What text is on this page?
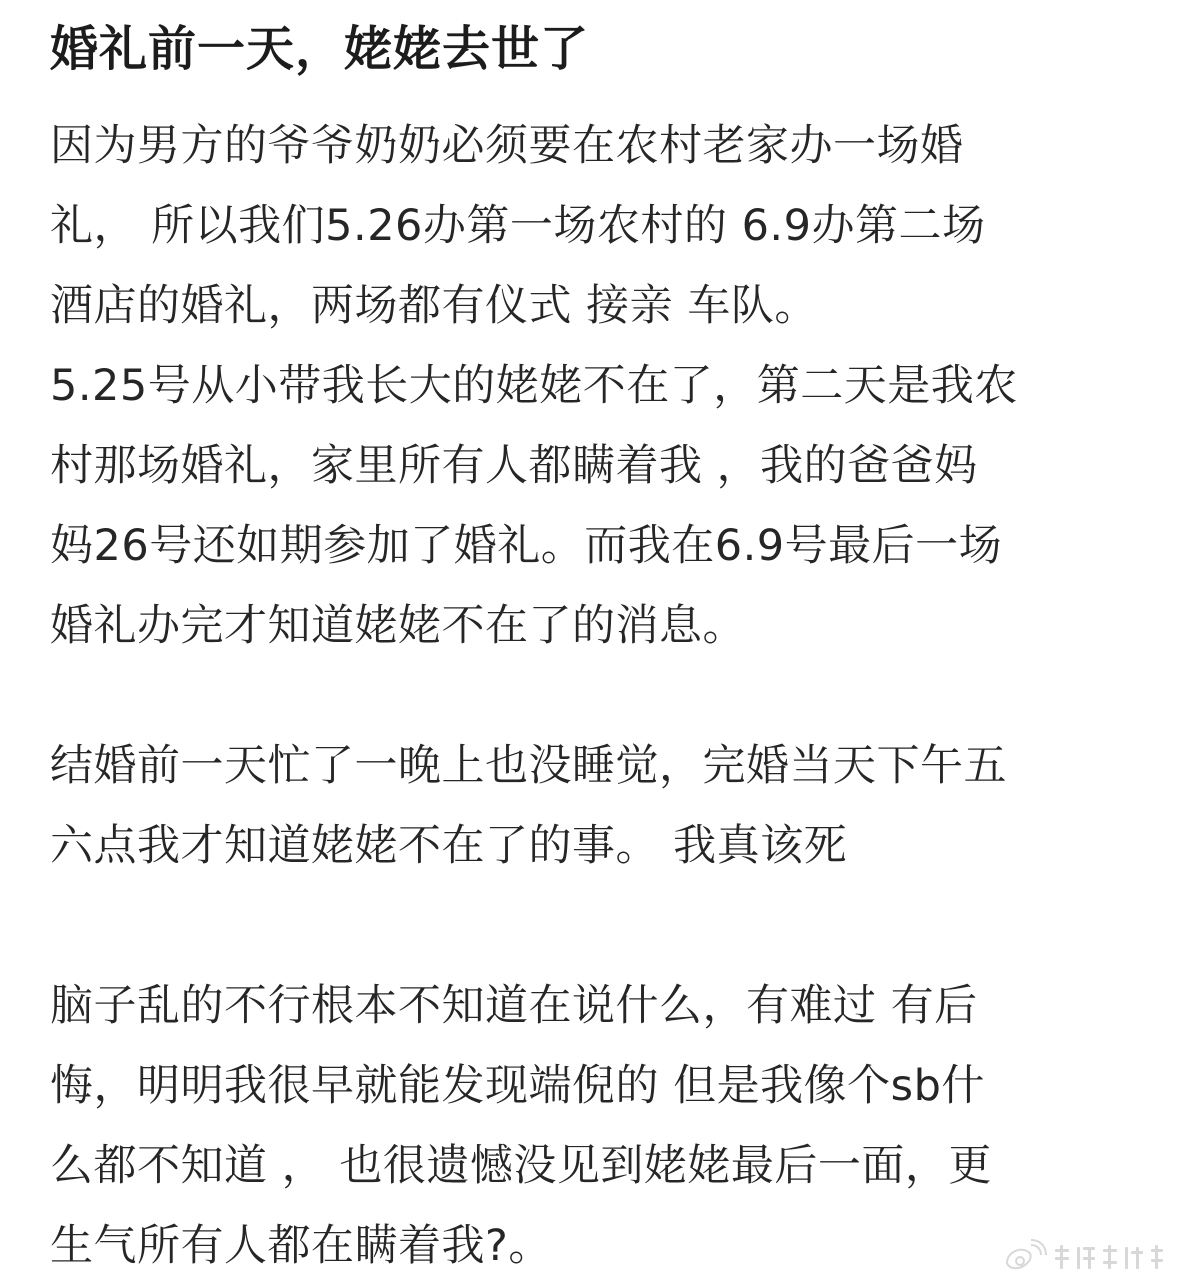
婚礼前一天，姥姥去世了
因为男方的爷爷奶奶必须要在农村老家办一场婚
礼， 所以我们5.26办第一场农村的 6.9办第二场
酒店的婚礼，两场都有仪式 接亲 车队。
5.25号从小带我长大的姥姥不在了，第二天是我农
村那场婚礼，家里所有人都瞒着我 ，我的爸爸妈
妈26号还如期参加了婚礼。而我在6.9号最后一场
婚礼办完才知道姥姥不在了的消息。
结婚前一天忙了一晚上也没睡觉，完婚当天下午五
六点我才知道姥姥不在了的事。 我真该死
脑子乱的不行根本不知道在说什么，有难过 有后
悔，明明我很早就能发现端倪的 但是我像个sb什
么都不知道 ， 也很遗憾没见到姥姥最后一面，更
生气所有人都在瞒着我?。
